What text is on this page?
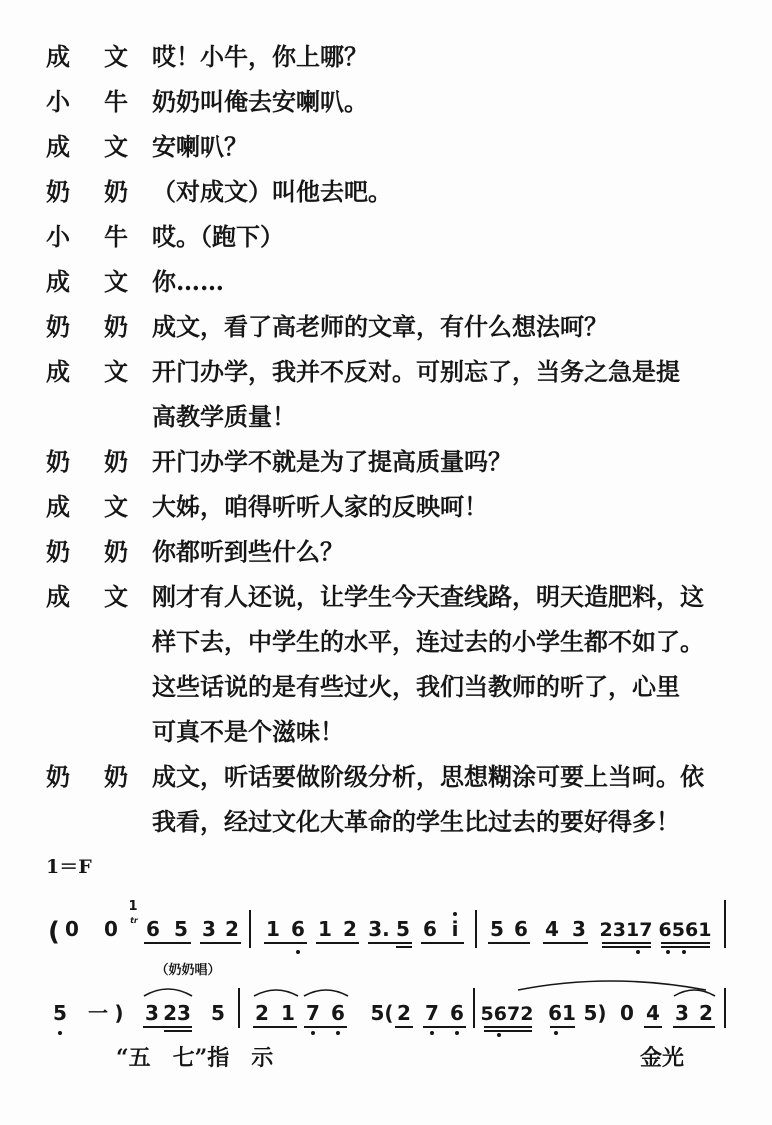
成 文 哎！小牛，你上哪？
小 牛 奶奶叫俺去安喇叭。
成 文 安喇叭？
奶 奶 （对成文）叫他去吧。
小 牛 哎。（跑下）
成 文 你……
奶 奶 成文，看了高老师的文章，有什么想法呵？
成 文 开门办学，我并不反对。可别忘了，当务之急是提
高教学质量！
奶 奶 开门办学不就是为了提高质量吗？
成 文 大姊，咱得听听人家的反映呵！
奶 奶 你都听到些什么？
成 文 刚才有人还说，让学生今天查线路，明天造肥料，这
样下去，中学生的水平，连过去的小学生都不如了。
这些话说的是有些过火，我们当教师的听了，心里
可真不是个滋味！
奶 奶 成文，听话要做阶级分析，思想糊涂可要上当呵。依
我看，经过文化大革命的学生比过去的要好得多！
1＝F
(
1
tr
0 0 6 5 3 2 1 6 1 2 3. 5 6 i 5 6 4 3 2317 6561
（奶奶唱）
5 一 ) 3 23 5 2 1 7 6 5( 2 7 6 5672 61 5) 0 4 3 2
“五　七”指　示	金光
